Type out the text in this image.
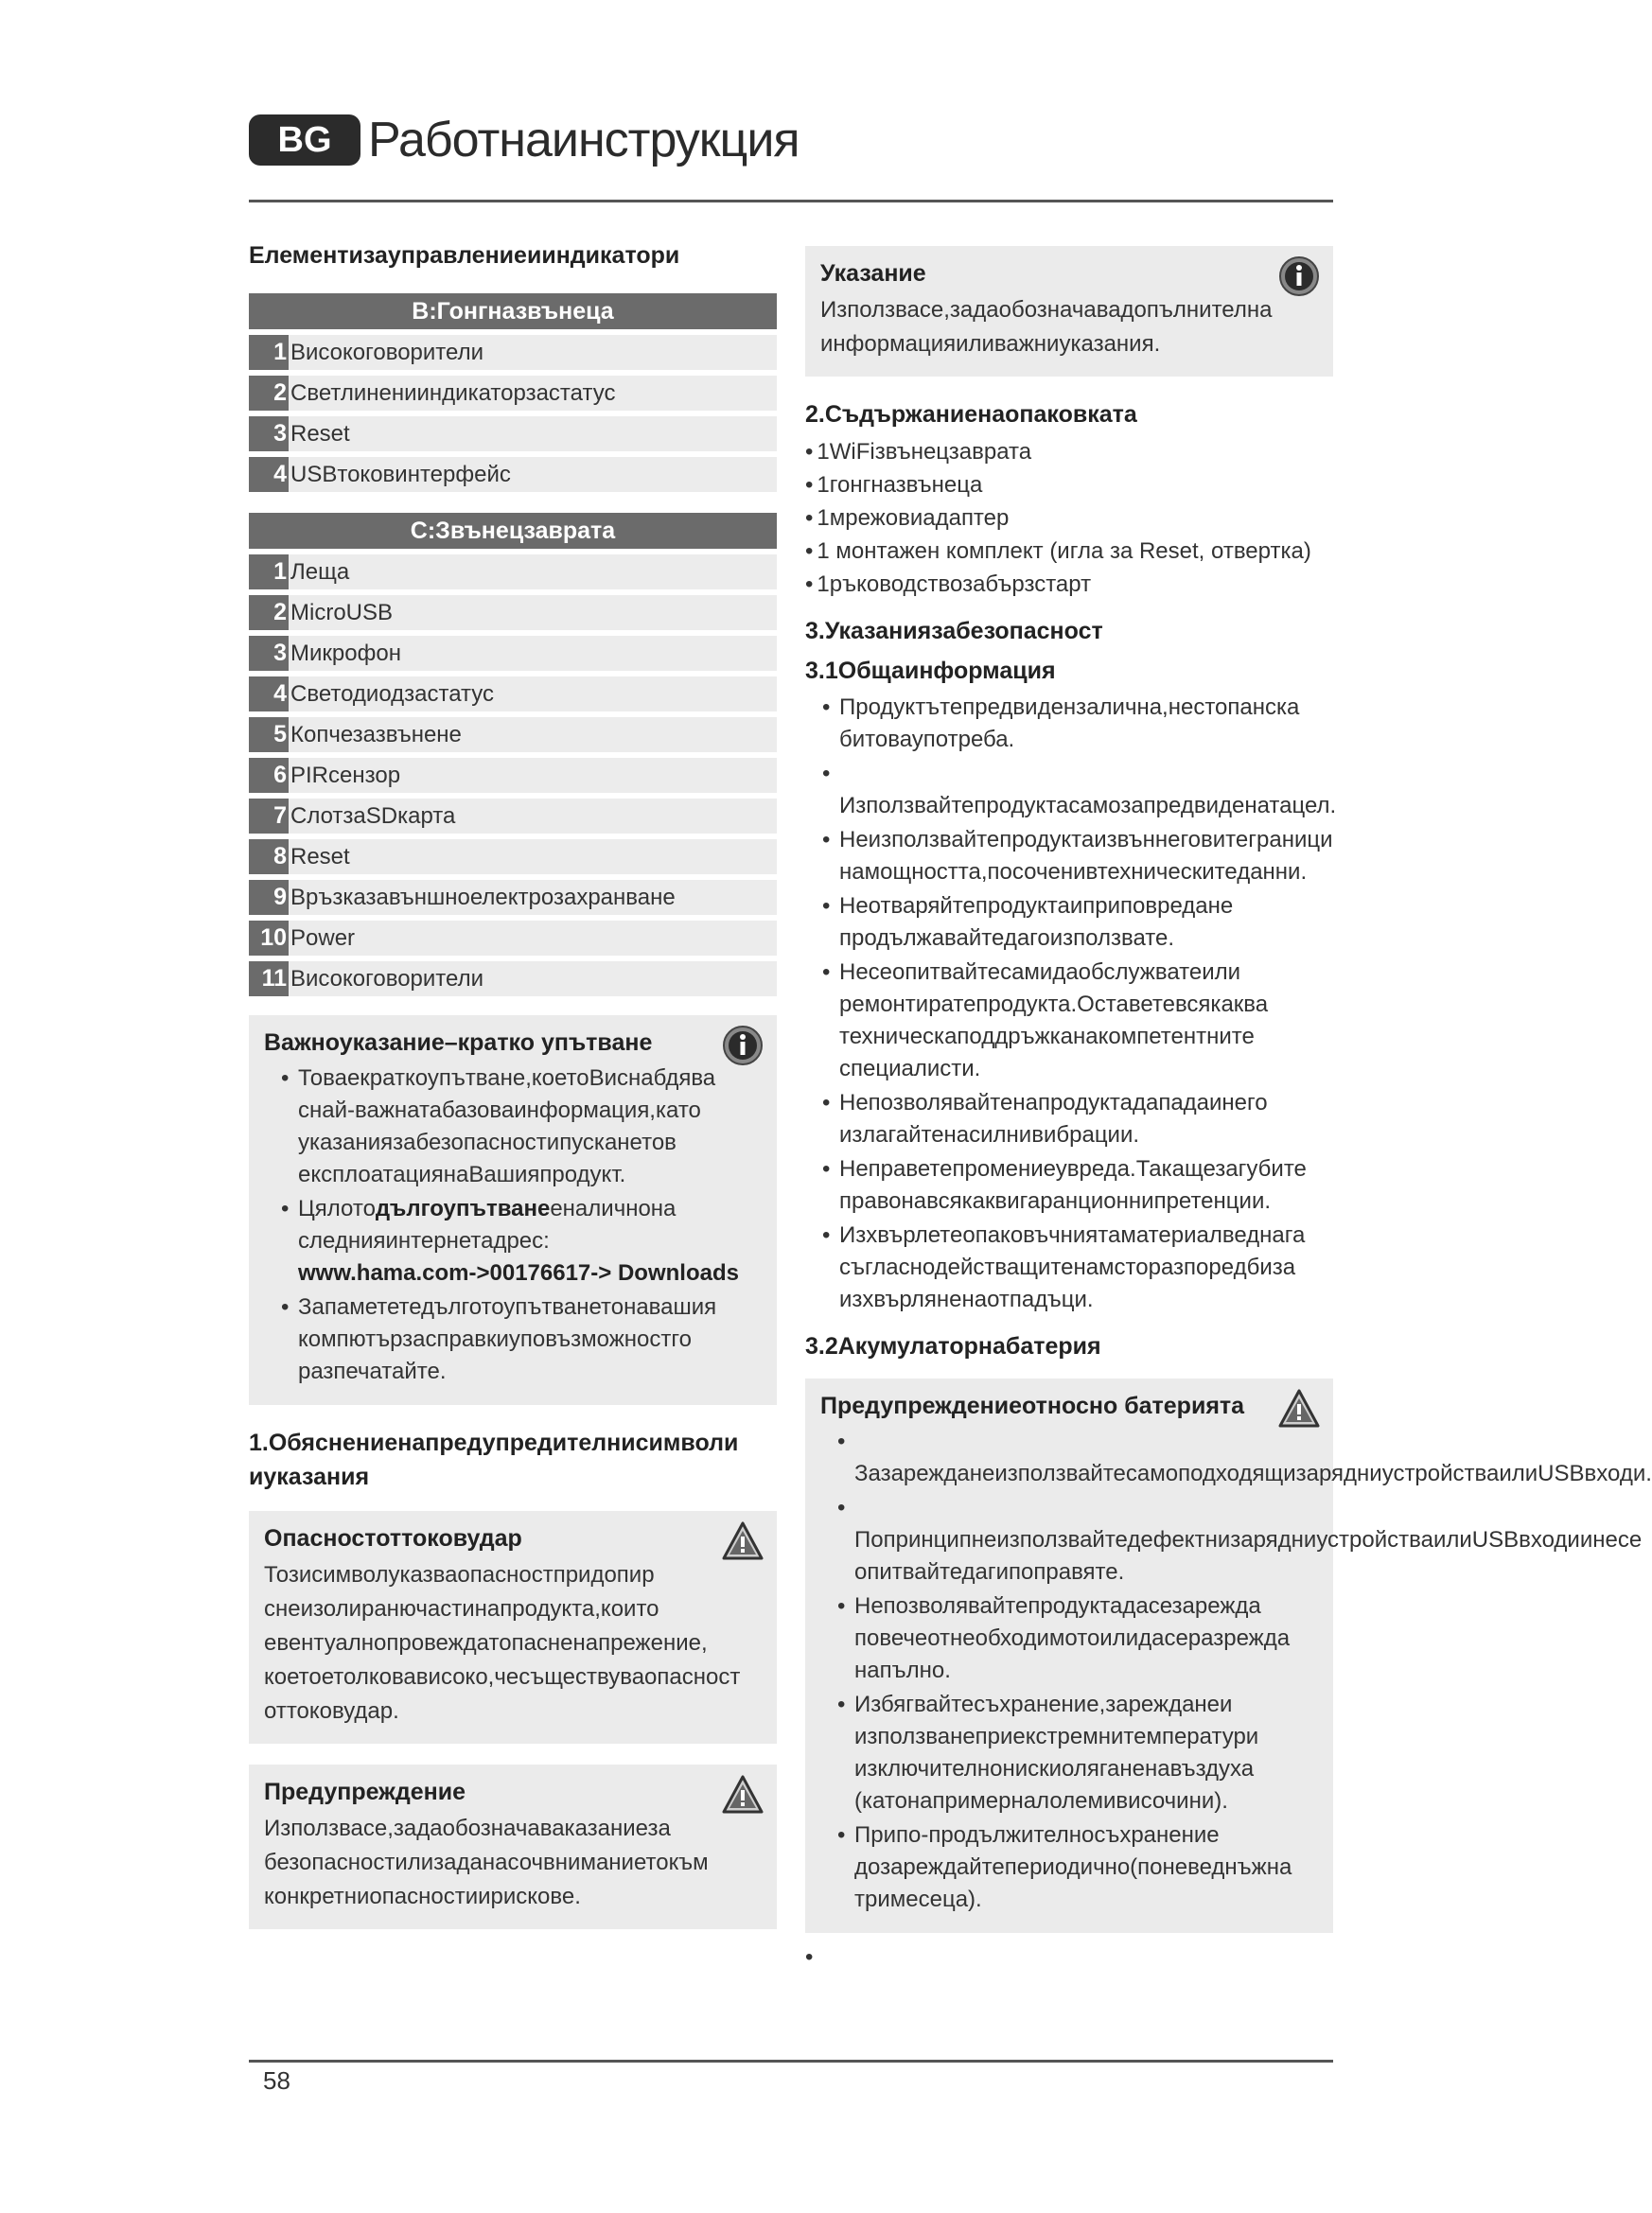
BG Работнаинструкция

Елементизауправлениеииндикатори

B:Гонгназвънеца
1 Високоговорители
2 Светлиненииндикаторзастатус
3 Reset
4 USBтоковинтерфейс
C:Звънецзаврата
1 Леща
2 MicroUSB
3 Микрофон
4 Светодиодзастатус
5 Копчезазвънене
6 PIRсензор
7 СлотзаSDкарта
8 Reset
9 Връзказавъншноелектрозахранване
10 Power
11 Високоговорители

Важноуказание–кратко упътване

• Товаекраткоупътване,коетоВиснабдява снай-важнатабазоваинформация,като указаниязабезопасностипусканетов експлоатациянаВашияпродукт.
• Цялотодългоупътванееналичнона следнияинтернетадрес:
www.hama.com->00176617-> Downloads
• Запамететедълготоупътванетонавашия компютързасправкиуповъзможностго разпечатайте.

1.Обяснениенапредупредителнисимволи иуказания

Опасностоттоковудар

Тозисимволуказваопасностпридопир снеизолиранючастинапродукта,които евентуалнопровеждатопасненапрежение, коетоетолковависоко,чесъществуваопасност оттоковудар.

Предупреждение

Използвасе,задаобозначаваказаниеза безопасностилизаданасочвниманиетокъм конкретниопасностиирискове.

Указание

Използвасе,задаобозначавадопълнителна информацияиливажниуказания.

2.Съдържаниенаопаковката

• 1WiFiзвънецзаврата
• 1гонгназвънеца
• 1мрежовиадаптер
• 1 монтажен комплект (игла за Reset, отвертка)
• 1ръководствозабързстарт

3.Указаниязабезопасност

3.1Общаинформация

• Продуктътепредвидензалична,нестопанска битоваупотреба.
• Използвайтепродуктасамозапредвиденатацел.
• Неизползвайтепродуктаизвъннеговитеграници намощността,посоченивтехническитеданни.
• Неотваряйтепродуктаиприповредане продължавайтедагоизползвате.
• Несеопитвайтесамидаобслужватеили ремонтиратепродукта.Оставетевсякаква техническаподдръжканакомпетентните специалисти.
• Непозволявайтенапродуктадападаинего излагайтенасилнивибрации.
• Неправетепромениеувреда.Такащезагубите правонавсякаквигаранционнипретенции.
• Изхвърлетеопаковъчниятаматериалведнага съгласнодействащитенамсторазпоредбиза изхвърляненаотпадъци.

3.2Акумулаторнабатерия

Предупреждениеотносно батерията

• ЗазарежданеизползвайтесамоподходящизарядниустройстваилиUSBвходи.
• ПопринципнеизползвайтедефектнизарядниустройстваилиUSBвходиинесе опитвайтедагипоправяте.
• Непозволявайтепродуктадасезарежда повечеотнеобходимотоилидасеразрежда напълно.
• Избягвайтесъхранение,зарежданеи използванеприекстремнитемператури изключителнонискиоляганенавъздуха (катонапримерналолемивисочини).
• Припо-продължителносъхранение дозареждайтепериодично(поневеднъжна тримесеца).
•
58
